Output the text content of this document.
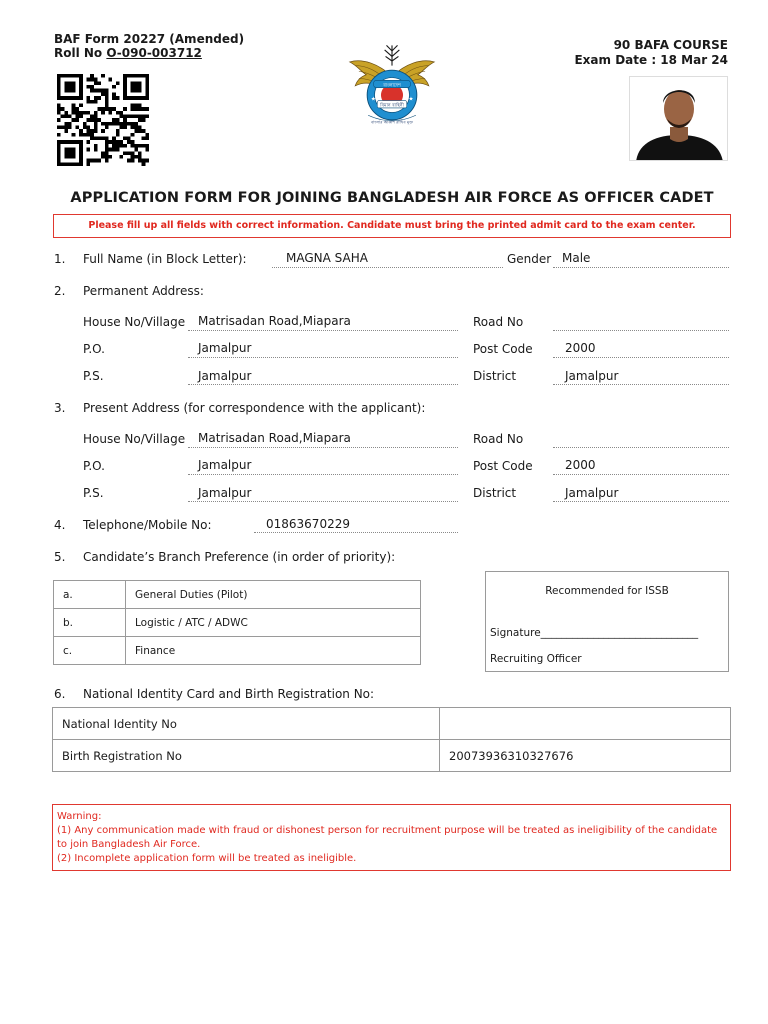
BAF Form 20227 (Amended)
Roll No O-090-003712
90 BAFA COURSE
Exam Date : 18 Mar 24
★	★
বাংলাদেশ
বিমান বাহিনী
বাংলার আকাশ রাখিব মুক্ত
APPLICATION FORM FOR JOINING BANGLADESH AIR FORCE AS OFFICER CADET
Please fill up all fields with correct information. Candidate must bring the printed admit card to the exam center.
1. Full Name (in Block Letter):	MAGNA SAHA	Gender Male
2. Permanent Address:
House No/Village Matrisadan Road,Miapara	Road No
P.O.	Jamalpur	Post Code	2000
P.S.	Jamalpur	District	Jamalpur
3. Present Address (for correspondence with the applicant):
House No/Village Matrisadan Road,Miapara	Road No
P.O.	Jamalpur	Post Code	2000
P.S.	Jamalpur	District	Jamalpur
4. Telephone/Mobile No:	01863670229
5. Candidate’s Branch Preference (in order of priority):
a.	General Duties (Pilot)
b.	Logistic / ATC / ADWC
c.	Finance
Recommended for ISSB
Signature______________________________
Recruiting Officer
6. National Identity Card and Birth Registration No:
National Identity No	
Birth Registration No	20073936310327676
Warning:
(1) Any communication made with fraud or dishonest person for recruitment purpose will be treated as ineligibility of the candidate to join Bangladesh Air Force.
(2) Incomplete application form will be treated as ineligible.
